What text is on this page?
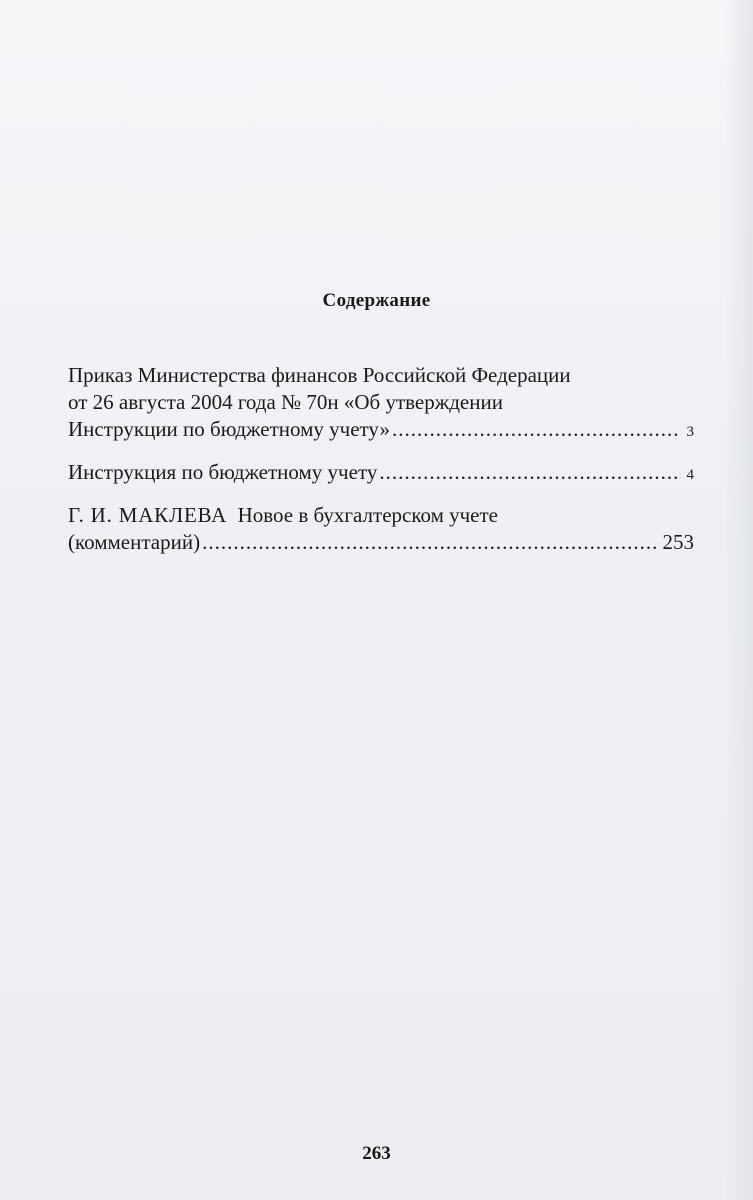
Содержание
Приказ Министерства финансов Российской Федерации
от 26 августа 2004 года № 70н «Об утверждении
Инструкции по бюджетному учету» .....	3
Инструкция по бюджетному учету .....	4
Г. И. МАКЛЕВА Новое в бухгалтерском учете
(комментарий) .....	253
263
